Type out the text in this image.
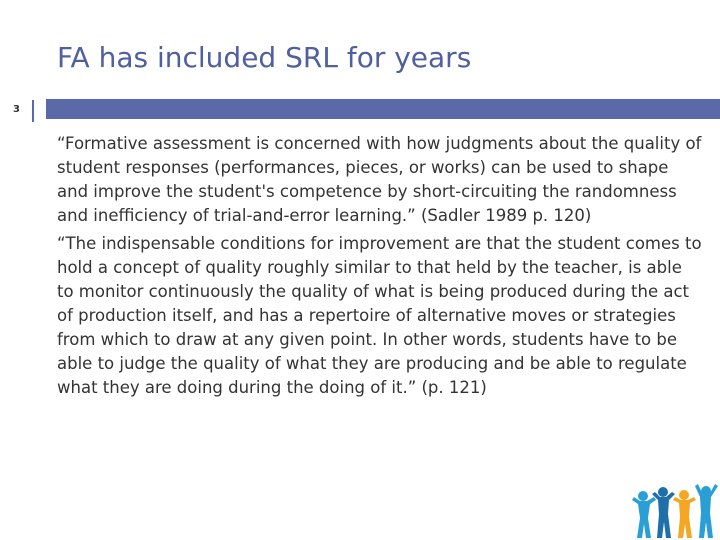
FA has included SRL for years
3

“Formative assessment is concerned with how judgments about the quality of student responses (performances, pieces, or works) can be used to shape and improve the student's competence by short-circuiting the randomness and inefficiency of trial-and-error learning.” (Sadler 1989 p. 120)

“The indispensable conditions for improvement are that the student comes to hold a concept of quality roughly similar to that held by the teacher, is able to monitor continuously the quality of what is being produced during the act of production itself, and has a repertoire of alternative moves or strategies from which to draw at any given point. In other words, students have to be able to judge the quality of what they are producing and be able to regulate what they are doing during the doing of it.” (p. 121)
